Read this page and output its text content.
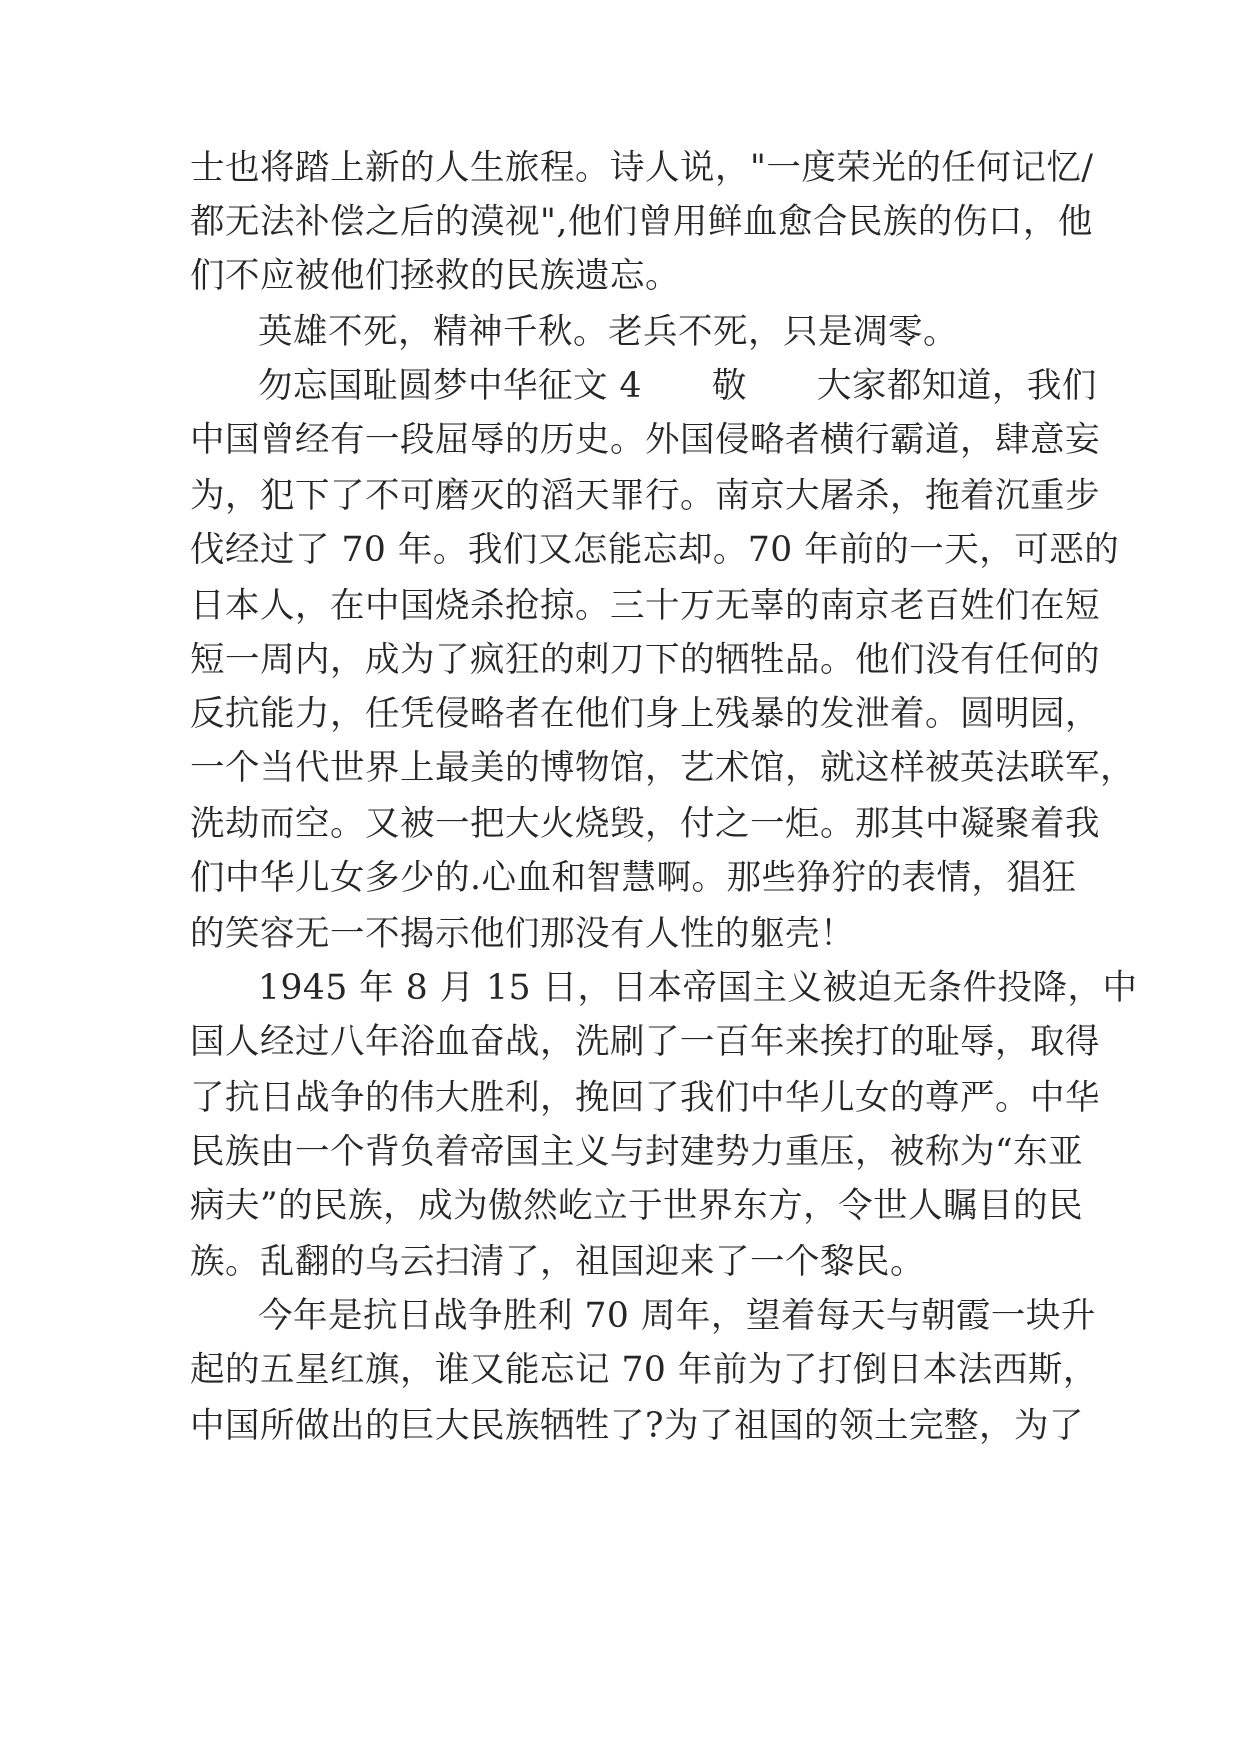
士也将踏上新的人生旅程。诗人说，"一度荣光的任何记忆/

都无法补偿之后的漠视",他们曾用鲜血愈合民族的伤口，他

们不应被他们拯救的民族遗忘。

英雄不死，精神千秋。老兵不死，只是凋零。

勿忘国耻圆梦中华征文 4　　敬　　大家都知道，我们

中国曾经有一段屈辱的历史。外国侵略者横行霸道，肆意妄

为，犯下了不可磨灭的滔天罪行。南京大屠杀，拖着沉重步

伐经过了 70 年。我们又怎能忘却。70 年前的一天，可恶的

日本人，在中国烧杀抢掠。三十万无辜的南京老百姓们在短

短一周内，成为了疯狂的刺刀下的牺牲品。他们没有任何的

反抗能力，任凭侵略者在他们身上残暴的发泄着。圆明园，

一个当代世界上最美的博物馆，艺术馆，就这样被英法联军，

洗劫而空。又被一把大火烧毁，付之一炬。那其中凝聚着我

们中华儿女多少的.心血和智慧啊。那些狰狞的表情，猖狂

的笑容无一不揭示他们那没有人性的躯壳！

1945 年 8 月 15 日，日本帝国主义被迫无条件投降，中

国人经过八年浴血奋战，洗刷了一百年来挨打的耻辱，取得

了抗日战争的伟大胜利，挽回了我们中华儿女的尊严。中华

民族由一个背负着帝国主义与封建势力重压，被称为“东亚

病夫”的民族，成为傲然屹立于世界东方，令世人瞩目的民

族。乱翻的乌云扫清了，祖国迎来了一个黎民。

今年是抗日战争胜利 70 周年，望着每天与朝霞一块升

起的五星红旗，谁又能忘记 70 年前为了打倒日本法西斯，

中国所做出的巨大民族牺牲了?为了祖国的领土完整，为了
